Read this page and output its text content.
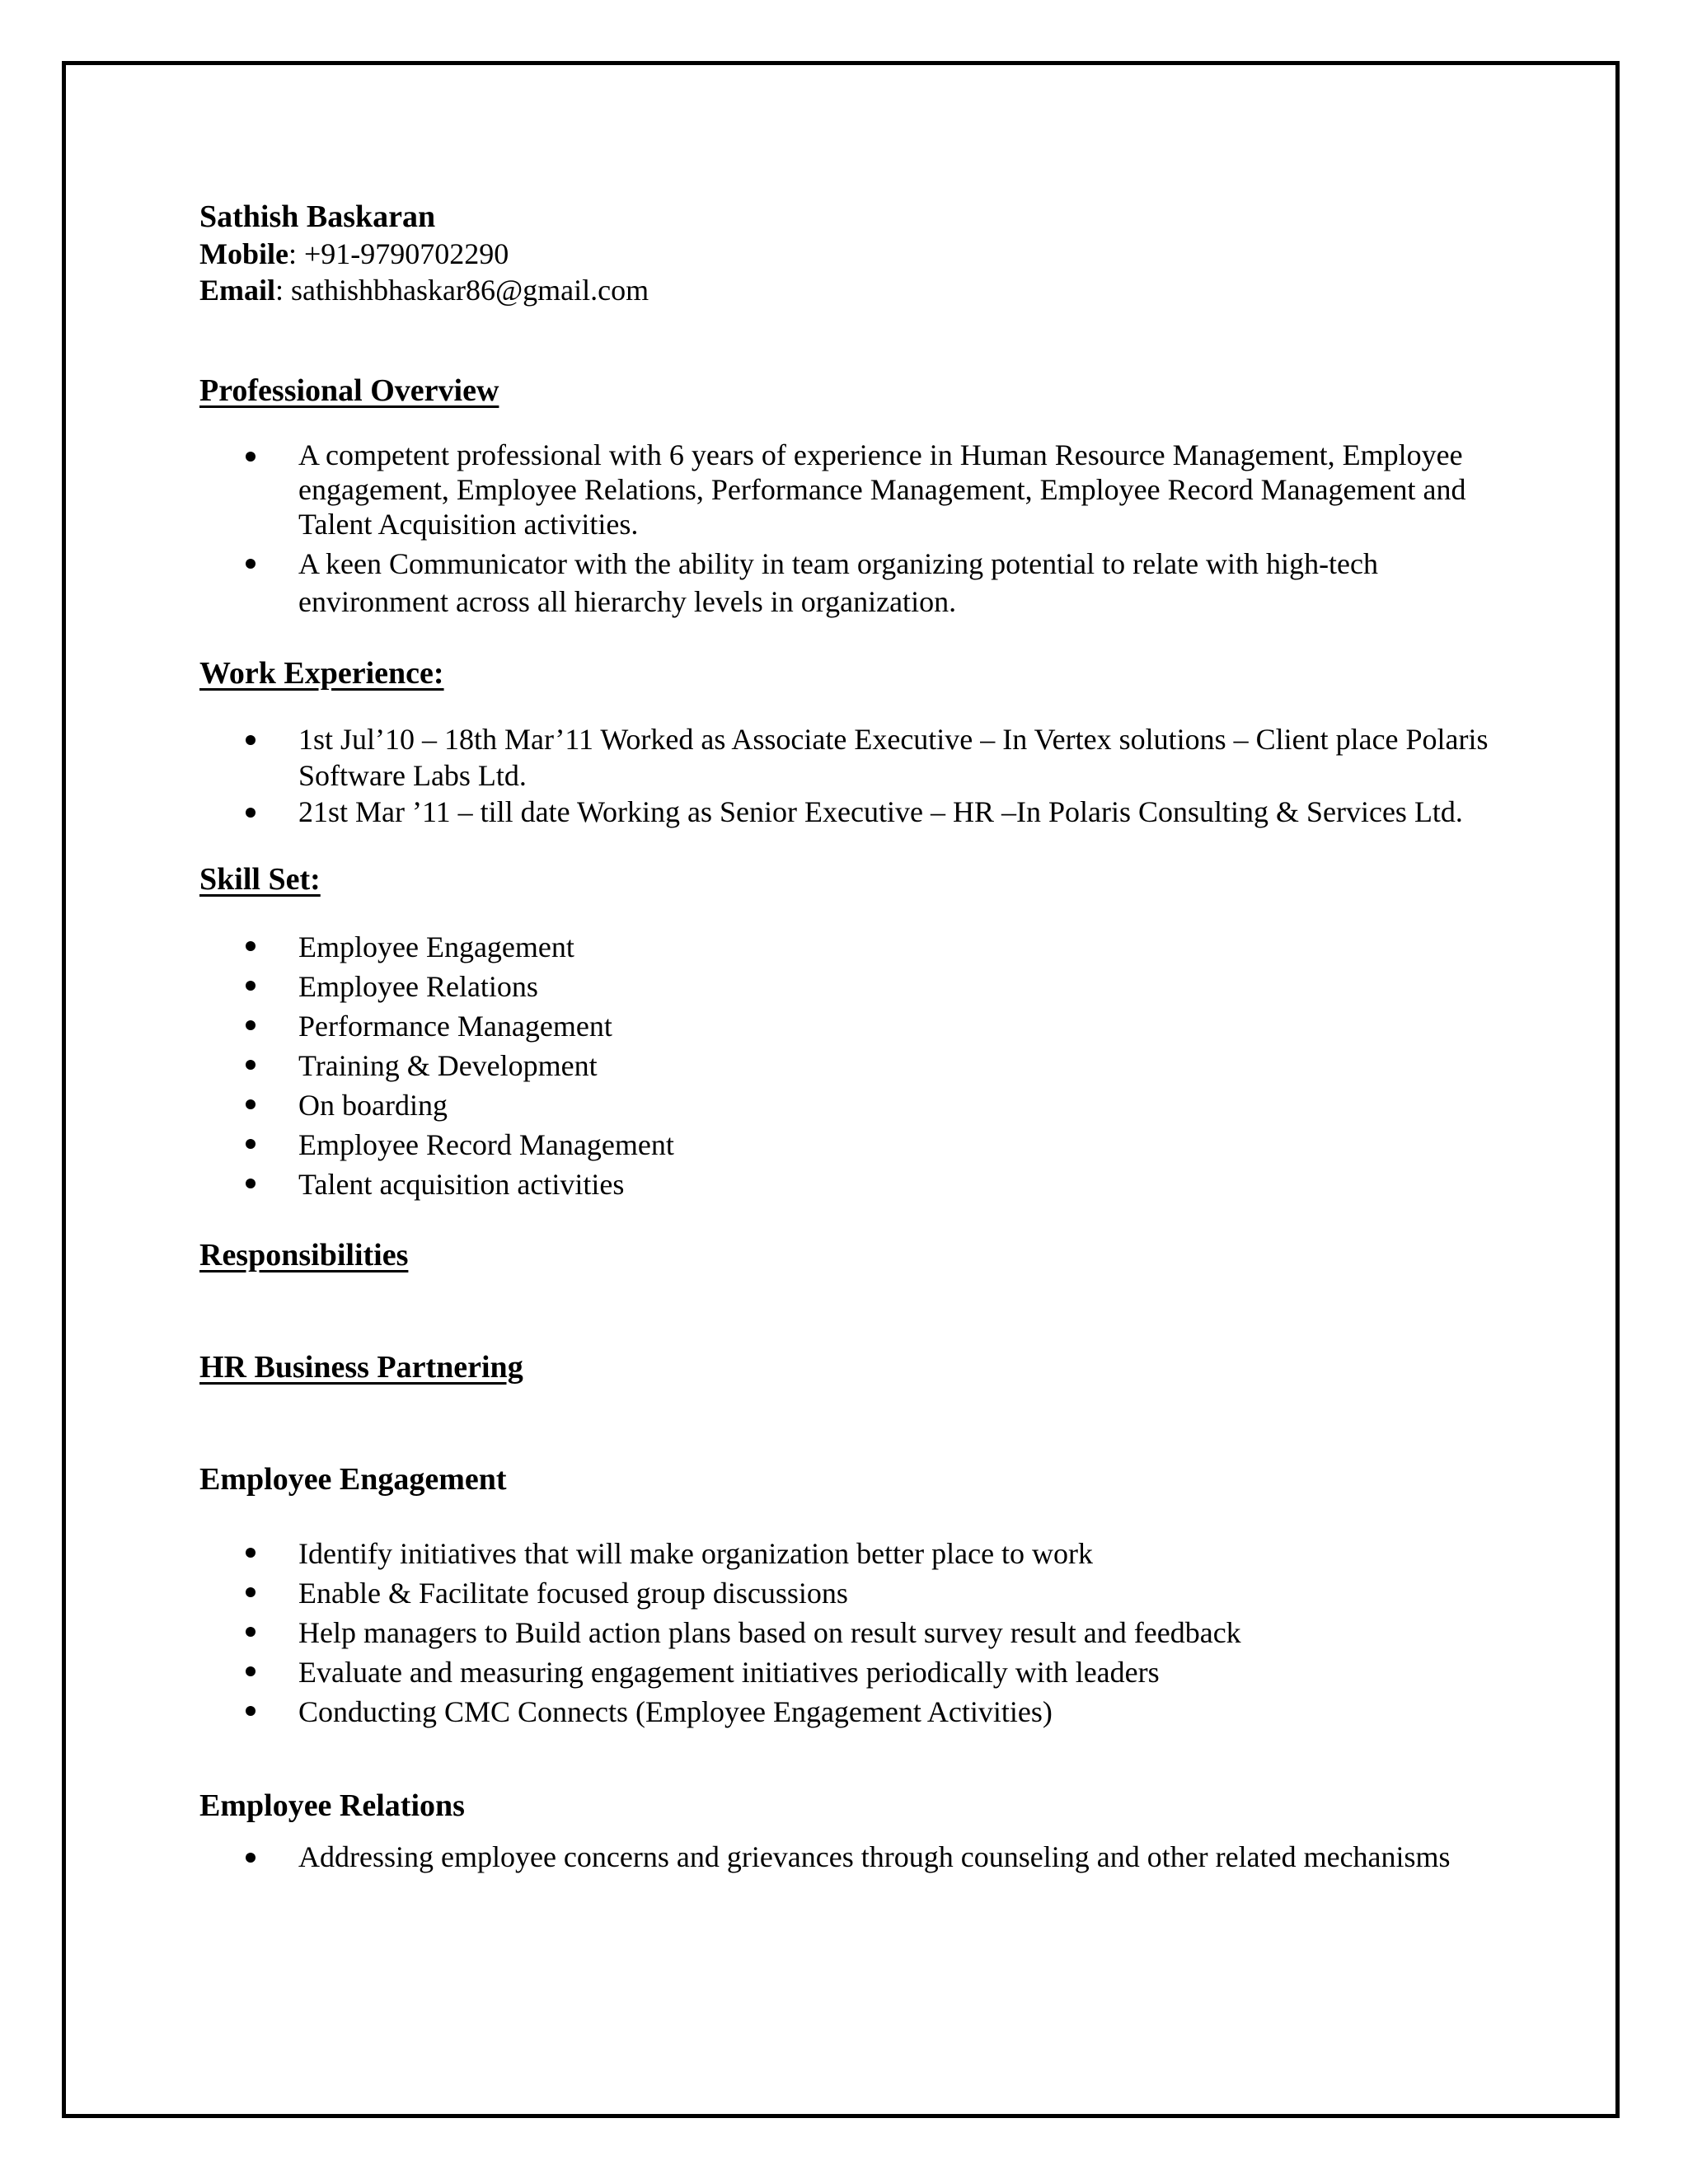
Sathish Baskaran
Mobile: +91-9790702290
Email: sathishbhaskar86@gmail.com
Professional Overview
A competent professional with 6 years of experience in Human Resource Management, Employee engagement, Employee Relations, Performance Management, Employee Record Management and Talent Acquisition activities.
A keen Communicator with the ability in team organizing potential to relate with high-tech environment across all hierarchy levels in organization.
Work Experience:
1st Jul’10 – 18th Mar’11 Worked as Associate Executive – In Vertex solutions – Client place Polaris Software Labs Ltd.
21st Mar ’11 – till date Working as Senior Executive – HR –In Polaris Consulting & Services Ltd.
Skill Set:
Employee Engagement
Employee Relations
Performance Management
Training & Development
On boarding
Employee Record Management
Talent acquisition activities
Responsibilities
HR Business Partnering
Employee Engagement
Identify initiatives that will make organization better place to work
Enable & Facilitate focused group discussions
Help managers to Build action plans based on result survey result and feedback
Evaluate and measuring engagement initiatives periodically with leaders
Conducting CMC Connects (Employee Engagement Activities)
Employee Relations
Addressing employee concerns and grievances through counseling and other related mechanisms
